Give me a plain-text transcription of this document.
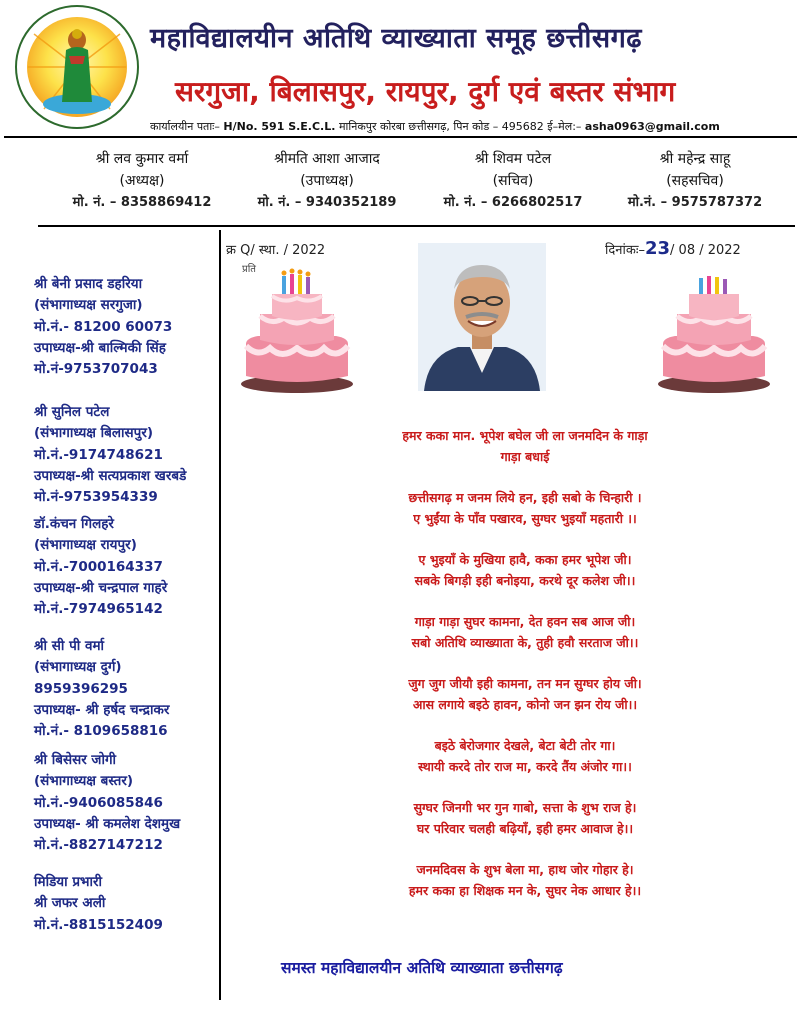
महाविद्यालयीन अतिथि व्याख्याता समूह छत्तीसगढ़
सरगुजा, बिलासपुर, रायपुर, दुर्ग एवं बस्तर संभाग
कार्यालयीन पताः– H/No. 591 S.E.C.L. मानिकपुर कोरबा छत्तीसगढ़, पिन कोड – 495682 ई–मेल:– asha0963@gmail.com
श्री लव कुमार वर्मा
(अध्यक्ष)
मो. नं. – 8358869412
श्रीमति आशा आजाद
(उपाध्यक्ष)
मो. नं. – 9340352189
श्री शिवम पटेल
(सचिव)
मो. नं. – 6266802517
श्री महेन्द्र साहू
(सहसचिव)
मो.नं. – 9575787372
श्री बेनी प्रसाद डहरिया
(संभागाध्यक्ष सरगुजा)
मो.नं.- 81200 60073
उपाध्यक्ष-श्री बाल्मिकी सिंह
मो.नं-9753707043
श्री सुनिल पटेल
(संभागाध्यक्ष बिलासपुर)
मो.नं.-9174748621
उपाध्यक्ष-श्री सत्यप्रकाश खरबडे
मो.नं-9753954339
डॉ.कंचन गिलहरे
(संभागाध्यक्ष रायपुर)
मो.नं.-7000164337
उपाध्यक्ष-श्री चन्द्रपाल गाहरे
मो.नं.-7974965142
श्री सी पी वर्मा
(संभागाध्यक्ष दुर्ग)
8959396295
उपाध्यक्ष- श्री हर्षद चन्द्राकर
मो.नं.- 8109658816
श्री बिसेसर जोगी
(संभागाध्यक्ष बस्तर)
मो.नं.-9406085846
उपाध्यक्ष- श्री कमलेश देशमुख
मो.नं.-8827147212
मिडिया प्रभारी
श्री जफर अली
मो.नं.-8815152409
क्र Q/ स्था. / 2022
प्रति
दिनांकः–23/ 08 / 2022
हमर कका मान. भूपेश बघेल जी ला जनमदिन के गाड़ा
गाड़ा बधाई
छत्तीसगढ़ म जनम लिये हन, इही सबो के चिन्हारी ।
ए भुईंया के पाँव पखारव, सुग्घर भुइयाँ महतारी ।।
ए भुइयाँ के मुखिया हावै, कका हमर भूपेश जी।
सबके बिगड़ी इही बनोइया, करथे दूर कलेश जी।।
गाड़ा गाड़ा सुघर कामना, देत हवन सब आज जी।
सबो अतिथि व्याख्याता के, तुही हवौ सरताज जी।।
जुग जुग जीयौ इही कामना, तन मन सुग्घर होय जी।
आस लगाये बइठे हावन, कोनो जन झन रोय जी।।
बइठे बेरोजगार देखले, बेटा बेटी तोर गा।
स्थायी करदे तोर राज मा, करदे तैंय अंजोर गा।।
सुग्घर जिनगी भर गुन गाबो, सत्ता के शुभ राज हे।
घर परिवार चलही बढ़ियाँ, इही हमर आवाज हे।।
जनमदिवस के शुभ बेला मा, हाथ जोर गोहार हे।
हमर कका हा शिक्षक मन के, सुघर नेक आधार हे।।
समस्त महाविद्यालयीन अतिथि व्याख्याता छत्तीसगढ़
